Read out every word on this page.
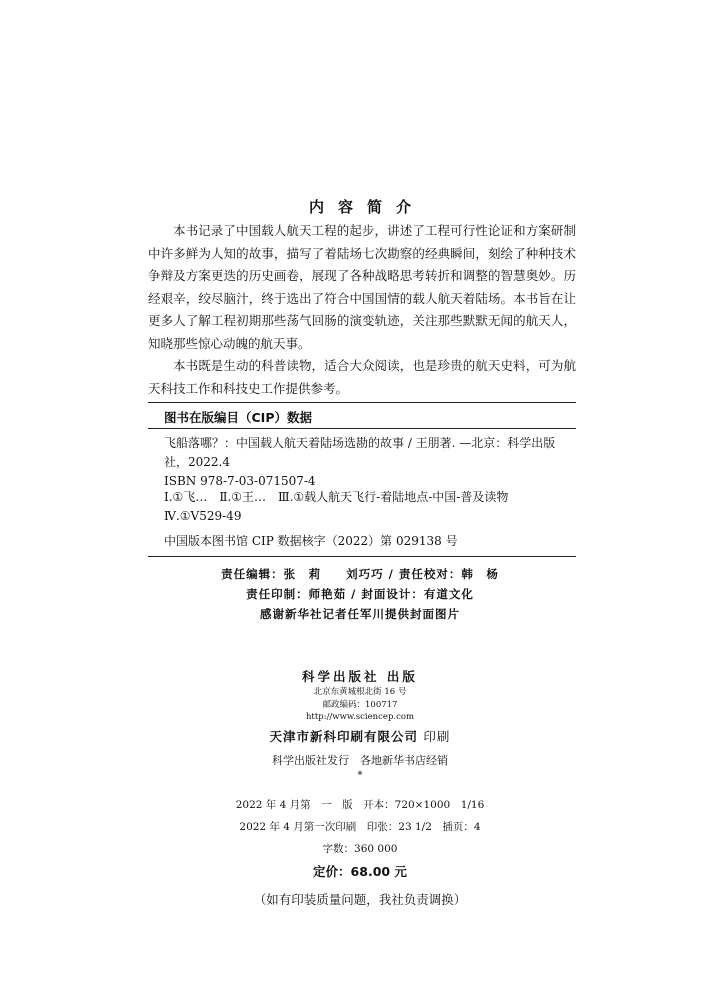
内容简介

本书记录了中国载人航天工程的起步，讲述了工程可行性论证和方案研制中许多鲜为人知的故事，描写了着陆场七次勘察的经典瞬间，刻绘了种种技术争辩及方案更迭的历史画卷，展现了各种战略思考转折和调整的智慧奥妙。历经艰辛，绞尽脑汁，终于选出了符合中国国情的载人航天着陆场。本书旨在让更多人了解工程初期那些荡气回肠的演变轨迹，关注那些默默无闻的航天人，知晓那些惊心动魄的航天事。

本书既是生动的科普读物，适合大众阅读，也是珍贵的航天史料，可为航天科技工作和科技史工作提供参考。

图书在版编目（CIP）数据
飞船落哪？：中国载人航天着陆场选勘的故事 / 王朋著. —北京：科学出版社，2022.4
ISBN 978-7-03-071507-4
Ⅰ.①飞…　Ⅱ.①王…　Ⅲ.①载人航天飞行-着陆地点-中国-普及读物　Ⅳ.①V529-49
中国版本图书馆 CIP 数据核字（2022）第 029138 号
责任编辑：张　莉　　刘巧巧 / 责任校对：韩　杨
责任印制：师艳茹 / 封面设计：有道文化
感谢新华社记者任军川提供封面图片
科学出版社 出版
北京东黄城根北街 16 号
邮政编码：100717
http://www.sciencep.com
天津市新科印刷有限公司 印刷
科学出版社发行　各地新华书店经销
*
2022 年 4 月第　一　版　开本：720×1000　1/16
2022 年 4 月第一次印刷　印张：23 1/2　插页：4
字数：360 000
定价：68.00 元
（如有印装质量问题，我社负责调换）
